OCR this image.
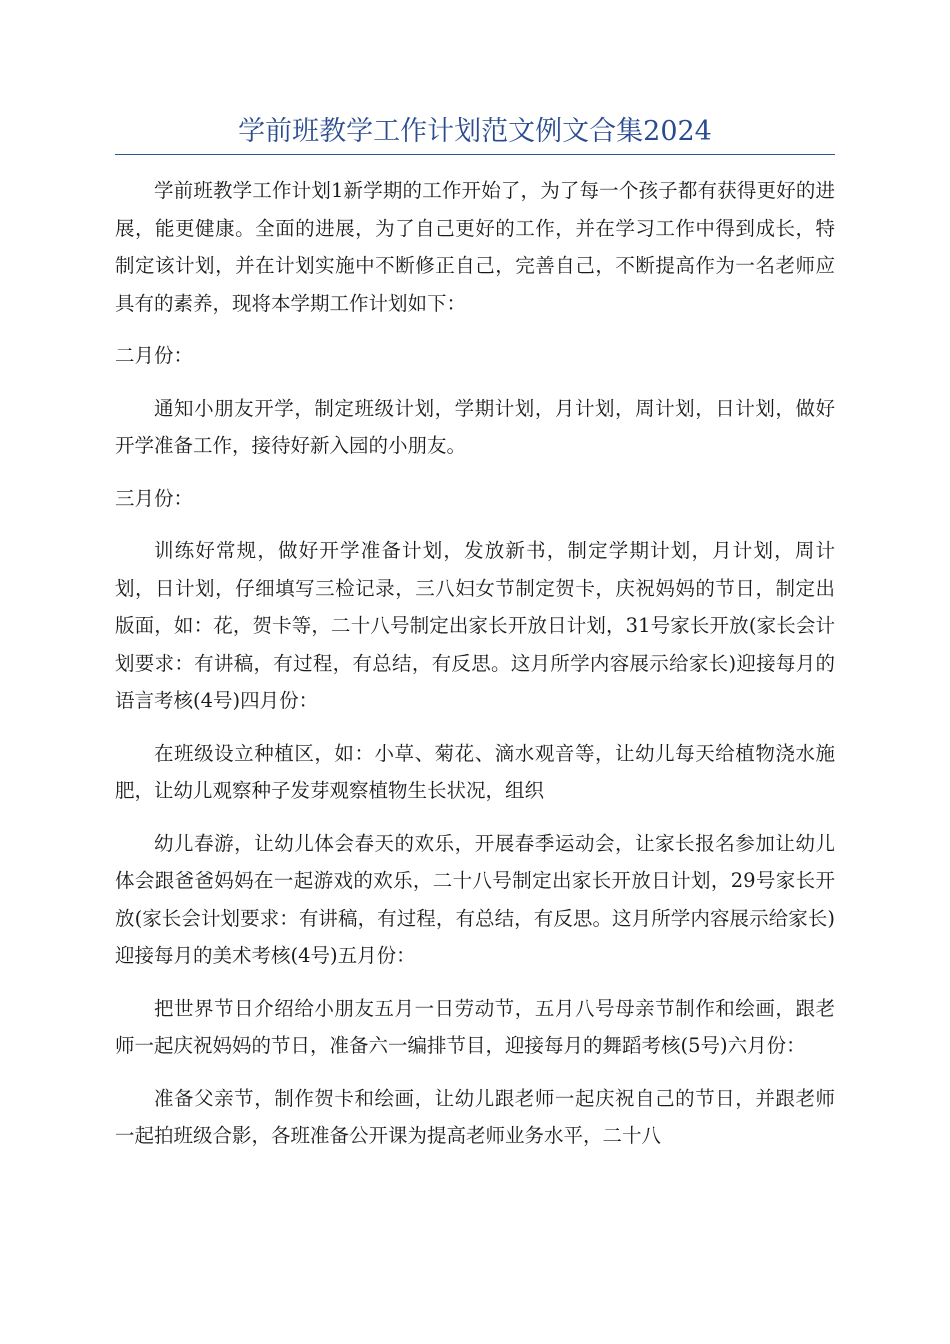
学前班教学工作计划范文例文合集2024

学前班教学工作计划1新学期的工作开始了，为了每一个孩子都有获得更好的进展，能更健康。全面的进展，为了自己更好的工作，并在学习工作中得到成长，特制定该计划，并在计划实施中不断修正自己，完善自己，不断提高作为一名老师应具有的素养，现将本学期工作计划如下：

二月份：

通知小朋友开学，制定班级计划，学期计划，月计划，周计划，日计划，做好开学准备工作，接待好新入园的小朋友。

三月份：

训练好常规，做好开学准备计划，发放新书，制定学期计划，月计划，周计划，日计划，仔细填写三检记录，三八妇女节制定贺卡，庆祝妈妈的节日，制定出版面，如：花，贺卡等，二十八号制定出家长开放日计划，31号家长开放(家长会计划要求：有讲稿，有过程，有总结，有反思。这月所学内容展示给家长)迎接每月的语言考核(4号)四月份：

在班级设立种植区，如：小草、菊花、滴水观音等，让幼儿每天给植物浇水施肥，让幼儿观察种子发芽观察植物生长状况，组织

幼儿春游，让幼儿体会春天的欢乐，开展春季运动会，让家长报名参加让幼儿体会跟爸爸妈妈在一起游戏的欢乐，二十八号制定出家长开放日计划，29号家长开放(家长会计划要求：有讲稿，有过程，有总结，有反思。这月所学内容展示给家长)迎接每月的美术考核(4号)五月份：

把世界节日介绍给小朋友五月一日劳动节，五月八号母亲节制作和绘画，跟老师一起庆祝妈妈的节日，准备六一编排节目，迎接每月的舞蹈考核(5号)六月份：

准备父亲节，制作贺卡和绘画，让幼儿跟老师一起庆祝自己的节日，并跟老师一起拍班级合影，各班准备公开课为提高老师业务水平，二十八
